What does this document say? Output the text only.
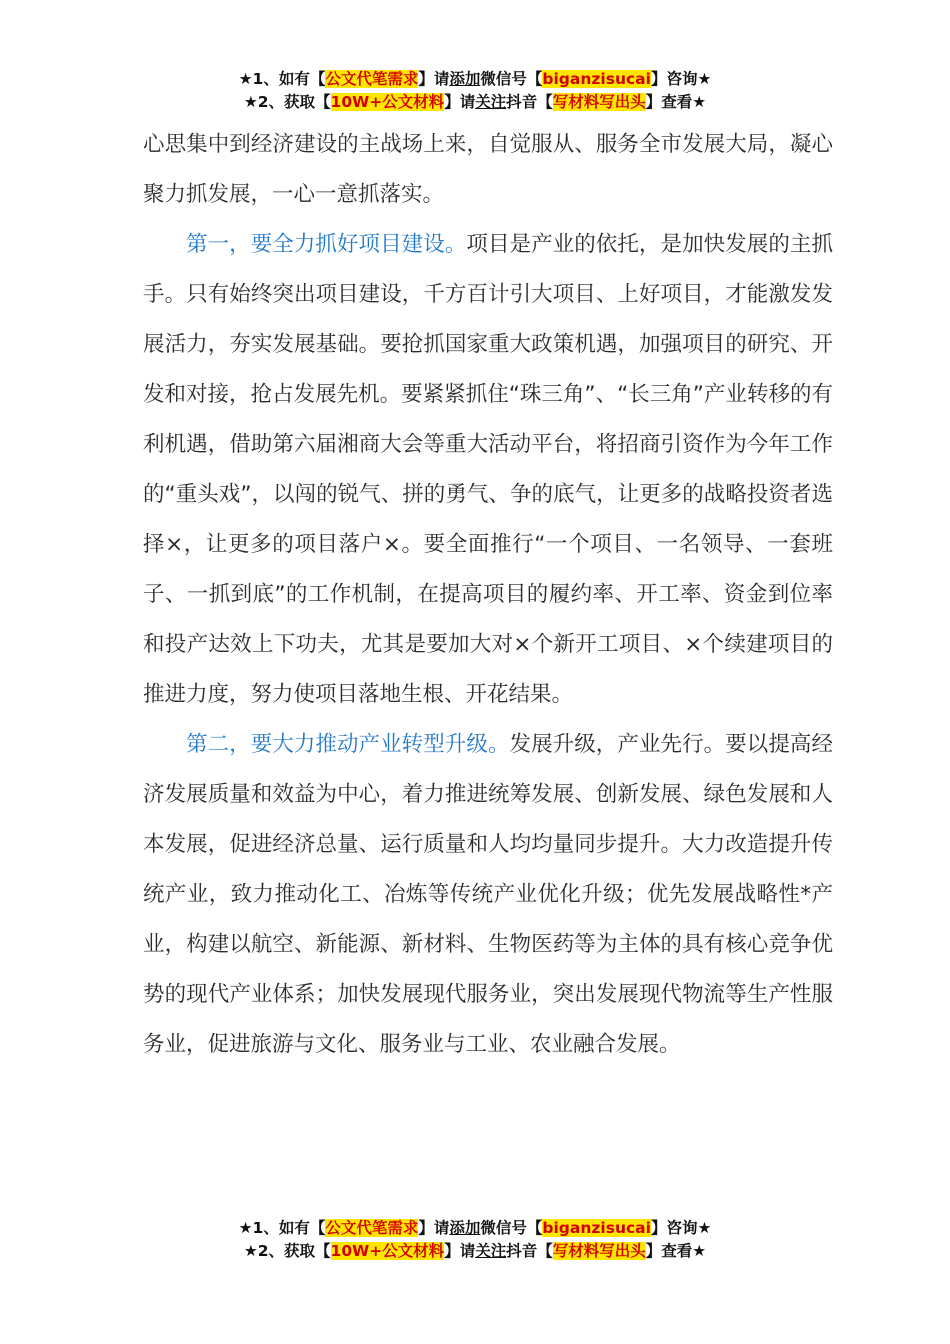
★1、如有【公文代笔需求】请添加微信号【biganzisucai】咨询★
★2、获取【10W+公文材料】请关注抖音【写材料写出头】查看★

心思集中到经济建设的主战场上来，自觉服从、服务全市发展大局，凝心聚力抓发展，一心一意抓落实。

第一，要全力抓好项目建设。项目是产业的依托，是加快发展的主抓手。只有始终突出项目建设，千方百计引大项目、上好项目，才能激发发展活力，夯实发展基础。要抢抓国家重大政策机遇，加强项目的研究、开发和对接，抢占发展先机。要紧紧抓住“珠三角”、“长三角”产业转移的有利机遇，借助第六届湘商大会等重大活动平台，将招商引资作为今年工作的“重头戏”，以闯的锐气、拼的勇气、争的底气，让更多的战略投资者选择×，让更多的项目落户×。要全面推行“一个项目、一名领导、一套班子、一抓到底”的工作机制，在提高项目的履约率、开工率、资金到位率和投产达效上下功夫，尤其是要加大对×个新开工项目、×个续建项目的推进力度，努力使项目落地生根、开花结果。

第二，要大力推动产业转型升级。发展升级，产业先行。要以提高经济发展质量和效益为中心，着力推进统筹发展、创新发展、绿色发展和人本发展，促进经济总量、运行质量和人均均量同步提升。大力改造提升传统产业，致力推动化工、冶炼等传统产业优化升级；优先发展战略性*产业，构建以航空、新能源、新材料、生物医药等为主体的具有核心竞争优势的现代产业体系；加快发展现代服务业，突出发展现代物流等生产性服务业，促进旅游与文化、服务业与工业、农业融合发展。

★1、如有【公文代笔需求】请添加微信号【biganzisucai】咨询★
★2、获取【10W+公文材料】请关注抖音【写材料写出头】查看★
